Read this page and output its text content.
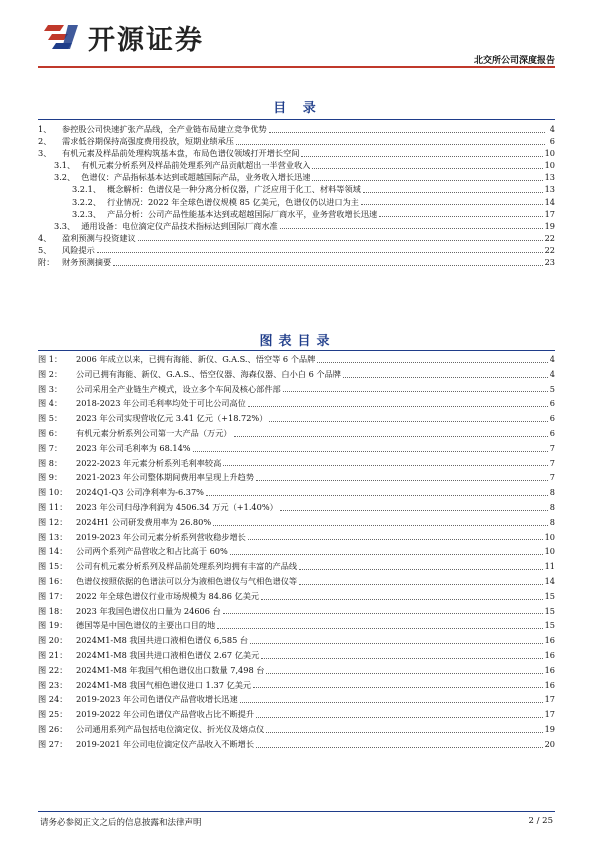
开源证券
北交所公司深度报告
目 录
1、	参控股公司快速扩张产品线，全产业链布局建立竞争优势	4
2、	需求低谷期保持高强度费用投放，短期业绩承压	6
3、	有机元素及样品前处理构筑基本盘，布局色谱仪领域打开增长空间	10
3.1、 有机元素分析系列及样品前处理系列产品贡献超出一半营业收入	10
3.2、 色谱仪：产品指标基本达到或超越国际产品，业务收入增长迅速	13
3.2.1、 概念解析：色谱仪是一种分离分析仪器，广泛应用于化工、材料等领域	13
3.2.2、 行业情况：2022 年全球色谱仪规模 85 亿美元，色谱仪仍以进口为主	14
3.2.3、 产品分析：公司产品性能基本达到或超越国际厂商水平，业务营收增长迅速	17
3.3、 通用设备：电位滴定仪产品技术指标达到国际厂商水准	19
4、	盈利预测与投资建议	22
5、	风险提示	22
附： 财务预测摘要	23
图表目录
图 1：	2006 年成立以来，已拥有海能、新仪、G.A.S.、悟空等 6 个品牌	4
图 2：	公司已拥有海能、新仪、G.A.S.、悟空仪器、海森仪器、白小白 6 个品牌	4
图 3：	公司采用全产业链生产模式，设立多个车间及核心部件部	5
图 4：	2018-2023 年公司毛利率均处于可比公司高位	6
图 5：	2023 年公司实现营收亿元 3.41 亿元（+18.72%）	6
图 6：	有机元素分析系列公司第一大产品（万元）	6
图 7：	2023 年公司毛利率为 68.14%	7
图 8：	2022-2023 年元素分析系列毛利率较高	7
图 9：	2021-2023 年公司整体期间费用率呈现上升趋势	7
图 10：	2024Q1-Q3 公司净利率为-6.37%	8
图 11：	2023 年公司归母净利润为 4506.34 万元（+1.40%）	8
图 12：	2024H1 公司研发费用率为 26.80%	8
图 13：	2019-2023 年公司元素分析系列营收稳步增长	10
图 14：	公司两个系列产品营收之和占比高于 60%	10
图 15：	公司有机元素分析系列及样品前处理系列均拥有丰富的产品线	11
图 16：	色谱仪按照依据的色谱法可以分为液相色谱仪与气相色谱仪等	14
图 17：	2022 年全球色谱仪行业市场规模为 84.86 亿美元	15
图 18：	2023 年我国色谱仪出口量为 24606 台	15
图 19：	德国等是中国色谱仪的主要出口目的地	15
图 20：	2024M1-M8 我国共进口液相色谱仪 6,585 台	16
图 21：	2024M1-M8 我国共进口液相色谱仪 2.67 亿美元	16
图 22：	2024M1-M8 年我国气相色谱仪出口数量 7,498 台	16
图 23：	2024M1-M8 我国气相色谱仪进口 1.37 亿美元	16
图 24：	2019-2023 年公司色谱仪产品营收增长迅速	17
图 25：	2019-2022 年公司色谱仪产品营收占比不断提升	17
图 26：	公司通用系列产品包括电位滴定仪、折光仪及熔点仪	19
图 27：	2019-2021 年公司电位滴定仪产品收入不断增长	20
请务必参阅正文之后的信息披露和法律声明	2 / 25
